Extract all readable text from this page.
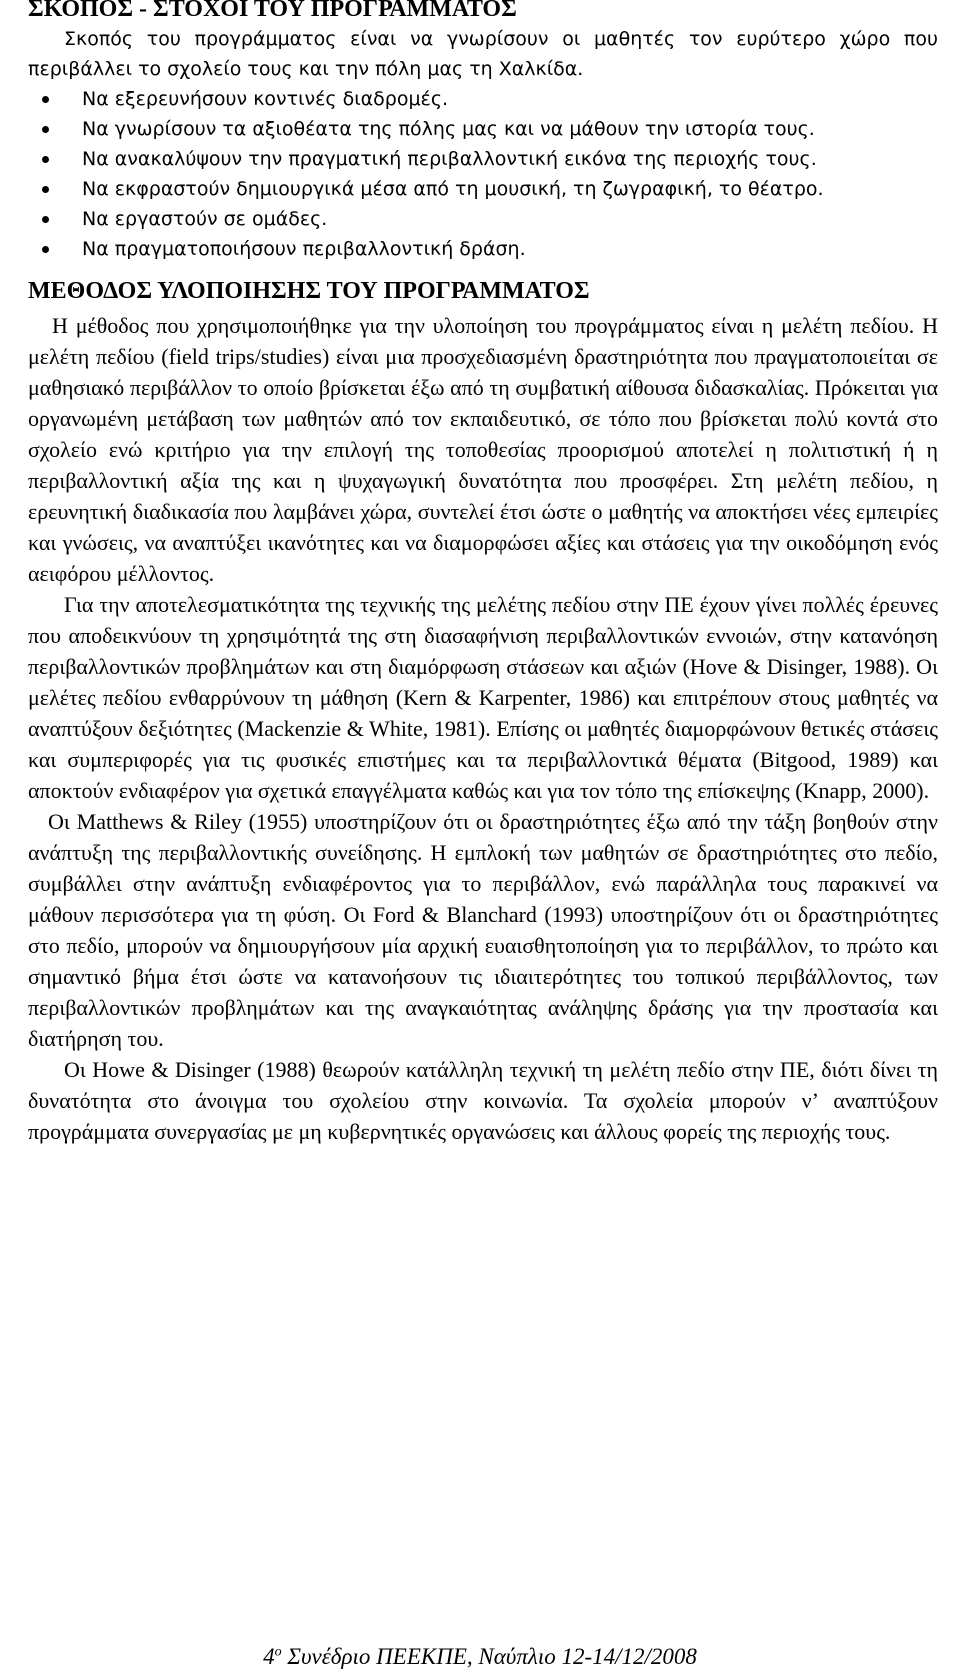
ΣΚΟΠΟΣ - ΣΤΟΧΟΙ ΤΟΥ ΠΡΟΓΡΑΜΜΑΤΟΣ

Σκοπός του προγράμματος είναι να γνωρίσουν οι μαθητές τον ευρύτερο χώρο που περιβάλλει το σχολείο τους και την πόλη μας τη Χαλκίδα.

Να εξερευνήσουν κοντινές διαδρομές.
Να γνωρίσουν τα αξιοθέατα της πόλης μας και να μάθουν την ιστορία τους.
Να ανακαλύψουν την πραγματική περιβαλλοντική εικόνα της περιοχής τους.
Να εκφραστούν δημιουργικά μέσα από τη μουσική, τη ζωγραφική, το θέατρο.
Να εργαστούν σε ομάδες.
Να πραγματοποιήσουν περιβαλλοντική δράση.
ΜΕΘΟΔΟΣ ΥΛΟΠΟΙΗΣΗΣ ΤΟΥ ΠΡΟΓΡΑΜΜΑΤΟΣ

Η μέθοδος που χρησιμοποιήθηκε για την υλοποίηση του προγράμματος είναι η μελέτη πεδίου. Η μελέτη πεδίου (field trips/studies) είναι μια προσχεδιασμένη δραστηριότητα που πραγματοποιείται σε μαθησιακό περιβάλλον το οποίο βρίσκεται έξω από τη συμβατική αίθουσα διδασκαλίας. Πρόκειται για οργανωμένη μετάβαση των μαθητών από τον εκπαιδευτικό, σε τόπο που βρίσκεται πολύ κοντά στο σχολείο ενώ κριτήριο για την επιλογή της τοποθεσίας προορισμού αποτελεί η πολιτιστική ή η περιβαλλοντική αξία της και η ψυχαγωγική δυνατότητα που προσφέρει. Στη μελέτη πεδίου, η ερευνητική διαδικασία που λαμβάνει χώρα, συντελεί έτσι ώστε ο μαθητής να αποκτήσει νέες εμπειρίες και γνώσεις, να αναπτύξει ικανότητες και να διαμορφώσει αξίες και στάσεις για την οικοδόμηση ενός αειφόρου μέλλοντος.

Για την αποτελεσματικότητα της τεχνικής της μελέτης πεδίου στην ΠΕ έχουν γίνει πολλές έρευνες που αποδεικνύουν τη χρησιμότητά της στη διασαφήνιση περιβαλλοντικών εννοιών, στην κατανόηση περιβαλλοντικών προβλημάτων και στη διαμόρφωση στάσεων και αξιών (Hove & Disinger, 1988). Οι μελέτες πεδίου ενθαρρύνουν τη μάθηση (Kern & Karpenter, 1986) και επιτρέπουν στους μαθητές να αναπτύξουν δεξιότητες (Mackenzie & White, 1981). Επίσης οι μαθητές διαμορφώνουν θετικές στάσεις και συμπεριφορές για τις φυσικές επιστήμες και τα περιβαλλοντικά θέματα (Bitgood, 1989) και αποκτούν ενδιαφέρον για σχετικά επαγγέλματα καθώς και για τον τόπο της επίσκεψης (Knapp, 2000).

Οι Matthews & Riley (1955) υποστηρίζουν ότι οι δραστηριότητες έξω από την τάξη βοηθούν στην ανάπτυξη της περιβαλλοντικής συνείδησης. Η εμπλοκή των μαθητών σε δραστηριότητες στο πεδίο, συμβάλλει στην ανάπτυξη ενδιαφέροντος για το περιβάλλον, ενώ παράλληλα τους παρακινεί να μάθουν περισσότερα για τη φύση. Οι Ford & Blanchard (1993) υποστηρίζουν ότι οι δραστηριότητες στο πεδίο, μπορούν να δημιουργήσουν μία αρχική ευαισθητοποίηση για το περιβάλλον, το πρώτο και σημαντικό βήμα έτσι ώστε να κατανοήσουν τις ιδιαιτερότητες του τοπικού περιβάλλοντος, των περιβαλλοντικών προβλημάτων και της αναγκαιότητας ανάληψης δράσης για την προστασία και διατήρηση του.

Οι Howe & Disinger (1988) θεωρούν κατάλληλη τεχνική τη μελέτη πεδίο στην ΠΕ, διότι δίνει τη δυνατότητα στο άνοιγμα του σχολείου στην κοινωνία. Τα σχολεία μπορούν ν’ αναπτύξουν προγράμματα συνεργασίας με μη κυβερνητικές οργανώσεις και άλλους φορείς της περιοχής τους.

$4^o$ Συνέδριο ΠΕΕΚΠΕ, Ναύπλιο 12-14/12/2008
